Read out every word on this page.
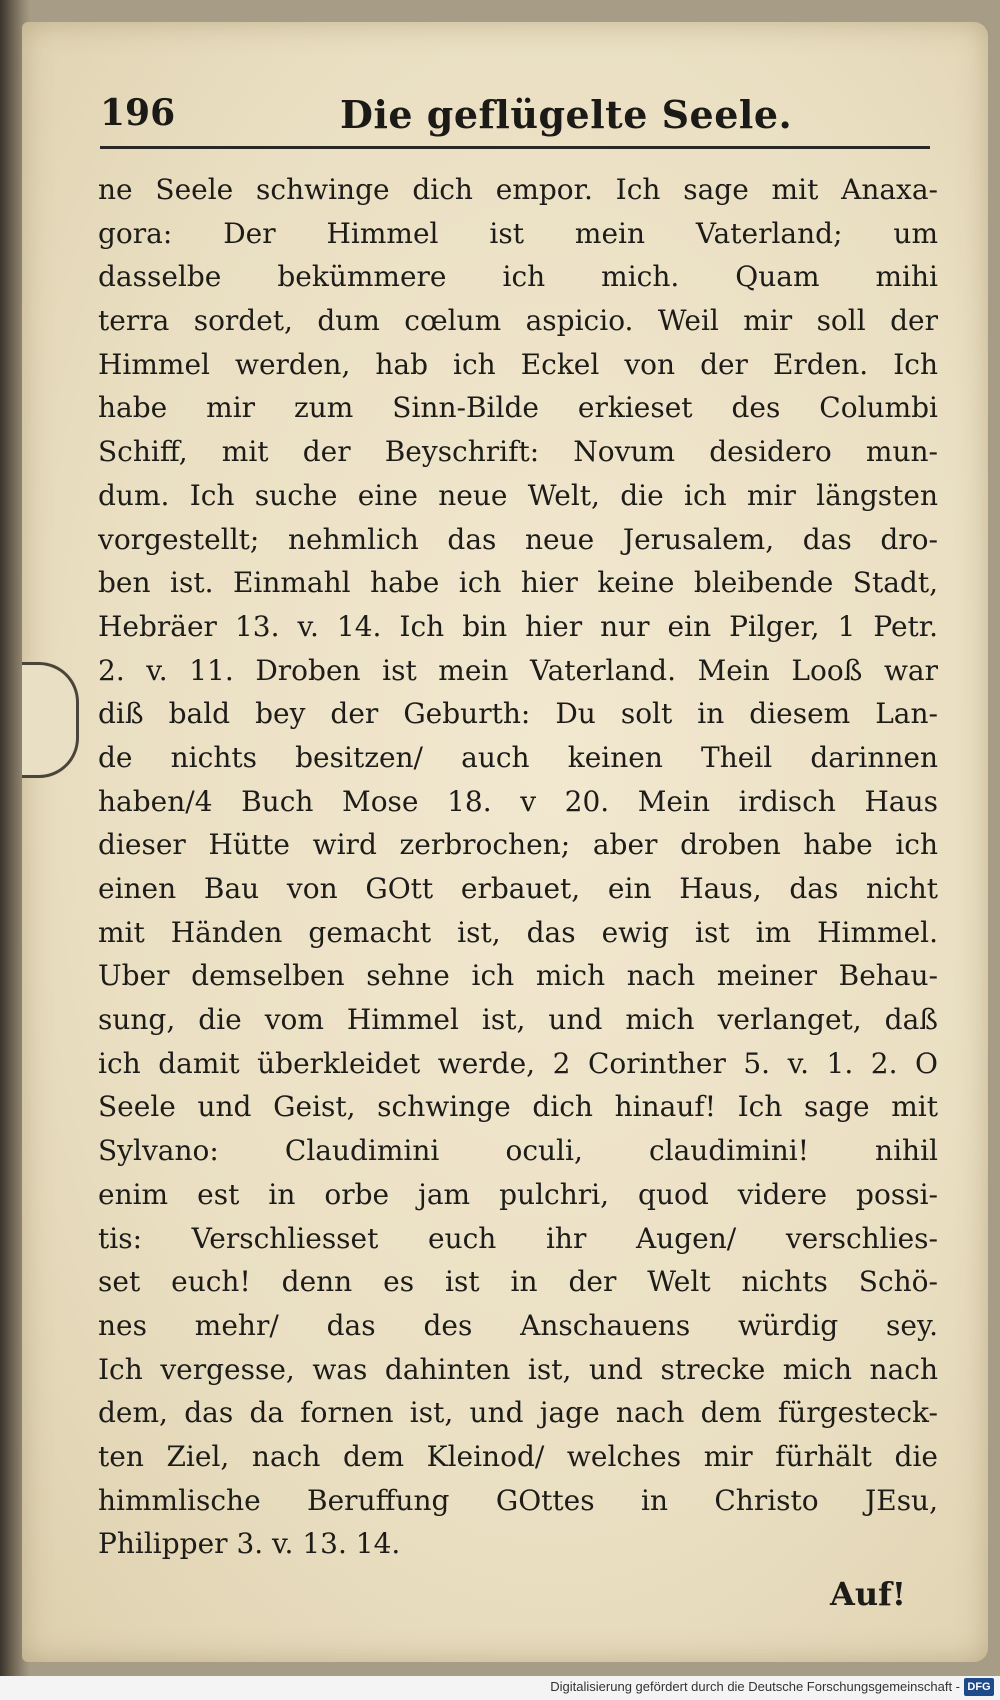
196	Die geflügelte Seele.
ne Seele schwinge dich empor. Ich sage mit Anaxa-
gora: Der Himmel ist mein Vaterland; um
dasselbe bekümmere ich mich. Quam mihi
terra sordet, dum cœlum aspicio. Weil mir soll der
Himmel werden, hab ich Eckel von der Erden. Ich
habe mir zum Sinn-Bilde erkieset des Columbi
Schiff, mit der Beyschrift: Novum desidero mun-
dum. Ich suche eine neue Welt, die ich mir längsten
vorgestellt; nehmlich das neue Jerusalem, das dro-
ben ist. Einmahl habe ich hier keine bleibende Stadt,
Hebräer 13. v. 14. Ich bin hier nur ein Pilger, 1 Petr.
2. v. 11. Droben ist mein Vaterland. Mein Looß war
diß bald bey der Geburth: Du solt in diesem Lan-
de nichts besitzen/ auch keinen Theil darinnen
haben/4 Buch Mose 18. v 20. Mein irdisch Haus
dieser Hütte wird zerbrochen; aber droben habe ich
einen Bau von GOtt erbauet, ein Haus, das nicht
mit Händen gemacht ist, das ewig ist im Himmel.
Uber demselben sehne ich mich nach meiner Behau-
sung, die vom Himmel ist, und mich verlanget, daß
ich damit überkleidet werde, 2 Corinther 5. v. 1. 2. O
Seele und Geist, schwinge dich hinauf! Ich sage mit
Sylvano: Claudimini oculi, claudimini! nihil
enim est in orbe jam pulchri, quod videre possi-
tis: Verschliesset euch ihr Augen/ verschlies-
set euch! denn es ist in der Welt nichts Schö-
nes mehr/ das des Anschauens würdig sey.
Ich vergesse, was dahinten ist, und strecke mich nach
dem, das da fornen ist, und jage nach dem fürgesteck-
ten Ziel, nach dem Kleinod/ welches mir fürhält die
himmlische Beruffung GOttes in Christo JEsu,
Philipper 3. v. 13. 14.
Auf!
Digitalisierung gefördert durch die Deutsche Forschungsgemeinschaft - DFG
